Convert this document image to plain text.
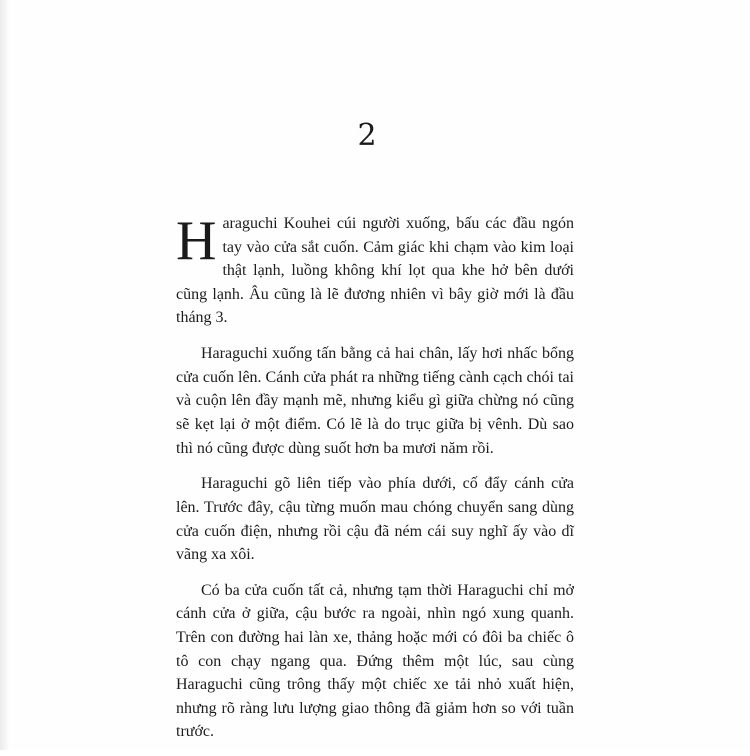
2

Haraguchi Kouhei cúi người xuống, bấu các đầu ngón tay vào cửa sắt cuốn. Cảm giác khi chạm vào kim loại thật lạnh, luồng không khí lọt qua khe hở bên dưới cũng lạnh. Âu cũng là lẽ đương nhiên vì bây giờ mới là đầu tháng 3.

Haraguchi xuống tấn bằng cả hai chân, lấy hơi nhấc bổng cửa cuốn lên. Cánh cửa phát ra những tiếng cành cạch chói tai và cuộn lên đầy mạnh mẽ, nhưng kiểu gì giữa chừng nó cũng sẽ kẹt lại ở một điểm. Có lẽ là do trục giữa bị vênh. Dù sao thì nó cũng được dùng suốt hơn ba mươi năm rồi.

Haraguchi gõ liên tiếp vào phía dưới, cố đẩy cánh cửa lên. Trước đây, cậu từng muốn mau chóng chuyển sang dùng cửa cuốn điện, nhưng rồi cậu đã ném cái suy nghĩ ấy vào dĩ vãng xa xôi.

Có ba cửa cuốn tất cả, nhưng tạm thời Haraguchi chỉ mở cánh cửa ở giữa, cậu bước ra ngoài, nhìn ngó xung quanh. Trên con đường hai làn xe, thảng hoặc mới có đôi ba chiếc ô tô con chạy ngang qua. Đứng thêm một lúc, sau cùng Haraguchi cũng trông thấy một chiếc xe tải nhỏ xuất hiện, nhưng rõ ràng lưu lượng giao thông đã giảm hơn so với tuần trước.
